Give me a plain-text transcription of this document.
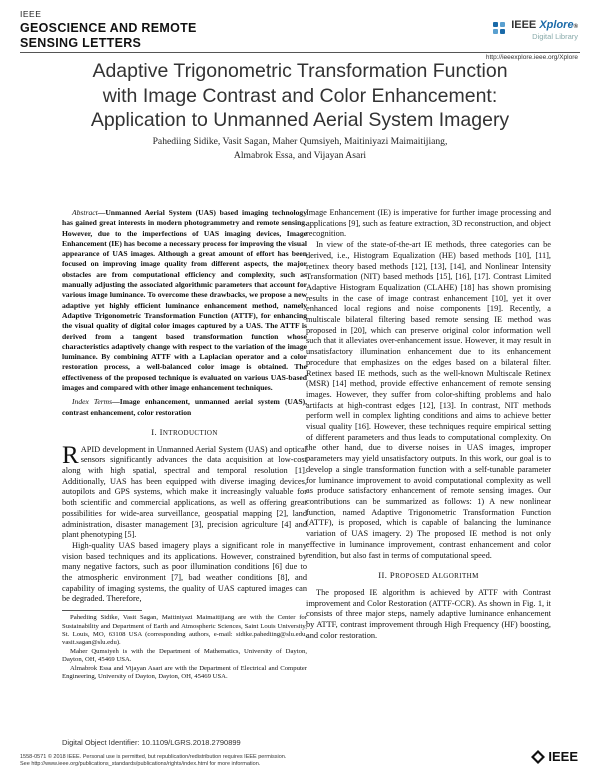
IEEE
GEOSCIENCE AND REMOTE
SENSING LETTERS
IEEE Xplore®
Digital Library
http://ieeexplore.ieee.org/Xplore
Adaptive Trigonometric Transformation Function
with Image Contrast and Color Enhancement:
Application to Unmanned Aerial System Imagery
Pahediing Sidike, Vasit Sagan, Maher Qumsiyeh, Maitiniyazi Maimaitijiang,
Almabrok Essa, and Vijayan Asari

Abstract—Unmanned Aerial System (UAS) based imaging technology has gained great interests in modern photogrammetry and remote sensing. However, due to the imperfections of UAS imaging devices, Image Enhancement (IE) has become a necessary process for improving the visual appearance of UAS images. Although a great amount of effort has been focused on improving image quality from different aspects, the major obstacles are from computational efficiency and complexity, such as manually adjusting the associated algorithmic parameters that account for various image luminance. To overcome these drawbacks, we propose a new adaptive yet highly efficient luminance enhancement method, namely Adaptive Trigonometric Transformation Function (ATTF), for enhancing the visual quality of digital color images captured by a UAS. The ATTF is derived from a tangent based transformation function whose characteristics adaptively change with respect to the variation of the image luminance. By combining ATTF with a Laplacian operator and a color restoration process, a well-balanced color image is obtained. The effectiveness of the proposed technique is evaluated on various UAS-based images and compared with other image enhancement techniques.

Index Terms—Image enhancement, unmanned aerial system (UAS), contrast enhancement, color restoration

I. INTRODUCTION

RAPID development in Unmanned Aerial System (UAS) and optical sensors significantly advances the data acquisition at low-cost along with high spatial, spectral and temporal resolution [1]. Additionally, UAS has been equipped with diverse imaging devices, autopilots and GPS systems, which make it increasingly valuable for both scientific and commercial applications, as well as offering great possibilities for wide-area surveillance, geospatial mapping [2], land administration, disaster management [3], precision agriculture [4] and plant phenotyping [5].

High-quality UAS based imagery plays a significant role in many vision based techniques and its applications. However, constrained by many negative factors, such as poor illumination conditions [6] due to the atmospheric environment [7], bad weather conditions [8], and capability of imaging systems, the quality of UAS captured images can be degraded. Therefore,

Pahediing Sidike, Vasit Sagan, Maitiniyazi Maimaitijiang are with the Center for Sustainability and Department of Earth and Atmospheric Sciences, Saint Louis University, St. Louis, MO, 63108 USA (corresponding authors, e-mail: sidike.pahediing@slu.edu, vasit.sagan@slu.edu).

Maher Qumsiyeh is with the Department of Mathematics, University of Dayton, Dayton, OH, 45469 USA.

Almabrok Essa and Vijayan Asari are with the Department of Electrical and Computer Engineering, University of Dayton, Dayton, OH, 45469 USA.

Image Enhancement (IE) is imperative for further image processing and applications [9], such as feature extraction, 3D reconstruction, and object recognition.

In view of the state-of-the-art IE methods, three categories can be derived, i.e., Histogram Equalization (HE) based methods [10], [11], retinex theory based methods [12], [13], [14], and Nonlinear Intensity Transformation (NIT) based methods [15], [16], [17]. Contrast Limited Adaptive Histogram Equalization (CLAHE) [18] has shown promising results in the case of image contrast enhancement [10], yet it over enhanced local regions and noise components [19]. Recently, a multiscale bilateral filtering based remote sensing IE method was proposed in [20], which can preserve original color information well such that it alleviates over-enhancement issue. However, it may result in unsatisfactory illumination enhancement due to its enhancement procedure that emphasizes on the edges based on a bilateral filter. Retinex based IE methods, such as the well-known Multiscale Retinex (MSR) [14] method, provide effective enhancement of remote sensing images. However, they suffer from color-shifting problems and halo artifacts at high-contrast edges [12], [13]. In contrast, NIT methods perform well in complex lighting conditions and aims to achieve better visual quality [16]. However, these techniques require empirical setting of different parameters and thus leads to computational complexity. On the other hand, due to diverse noises in UAS images, improper parameters may yield unsatisfactory outputs. In this work, our goal is to develop a single transformation function with a self-tunable parameter for luminance improvement to avoid computational complexity as well as produce satisfactory enhancement of remote sensing images. Our contributions can be summarized as follows: 1) A new nonlinear function, named Adaptive Trigonometric Transformation Function (ATTF), is proposed, which is capable of balancing the luminance variation of UAS imagery. 2) The proposed IE method is not only effective in luminance improvement, contrast enhancement and color rendition, but also fast in terms of computational speed.

II. PROPOSED ALGORITHM

The proposed IE algorithm is achieved by ATTF with Contrast improvement and Color Restoration (ATTF-CCR). As shown in Fig. 1, it consists of three major steps, namely adaptive luminance enhancement by ATTF, contrast improvement through High Frequency (HF) boosting, and color restoration.

Digital Object Identifier: 10.1109/LGRS.2018.2790899
1558-0571 © 2018 IEEE. Personal use is permitted, but republication/redistribution requires IEEE permission.
See http://www.ieee.org/publications_standards/publications/rights/index.html for more information.	IEEE
